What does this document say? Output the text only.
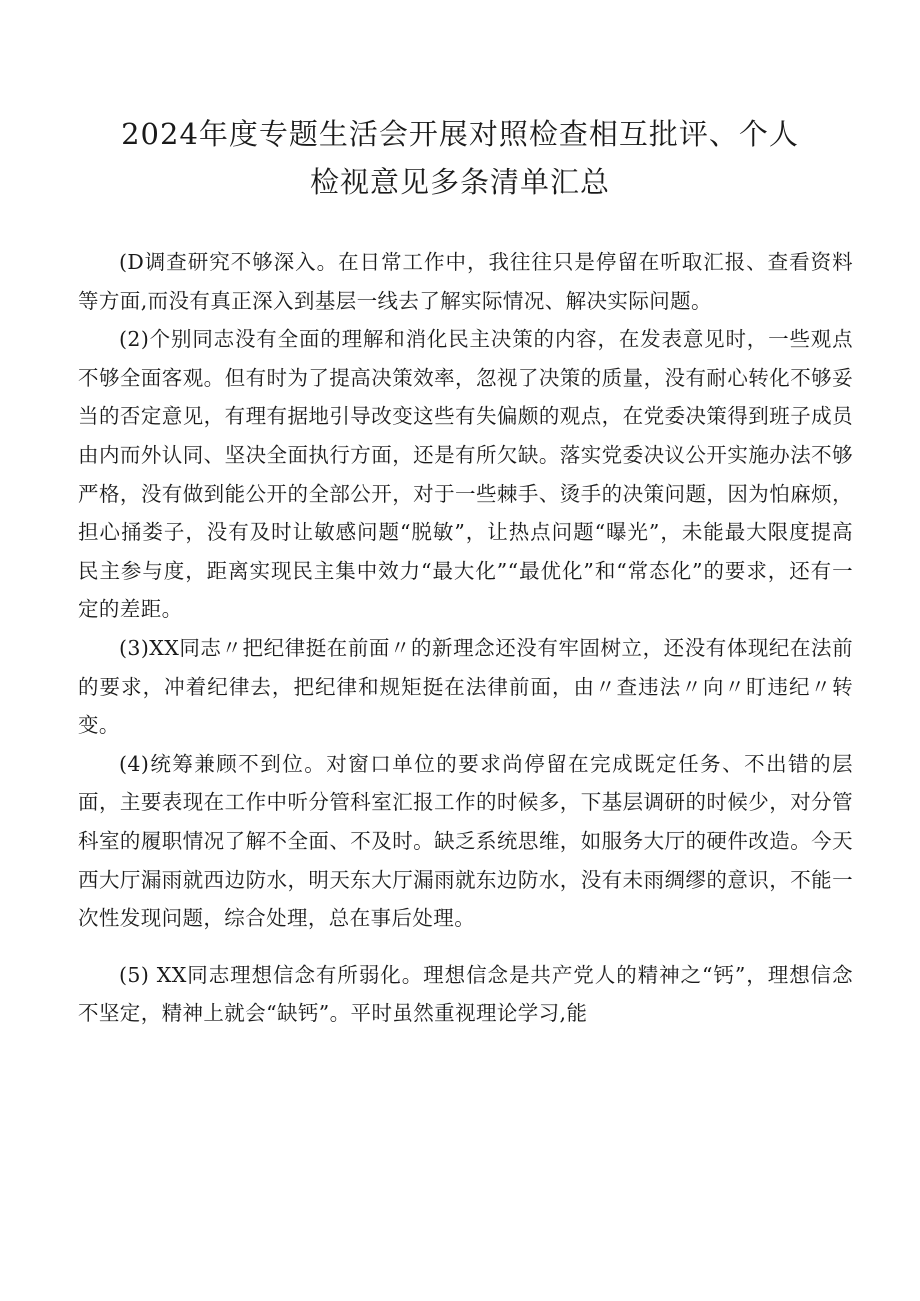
2024年度专题生活会开展对照检查相互批评、个人
检视意见多条清单汇总

(D调查研究不够深入。在日常工作中，我往往只是停留在听取汇报、查看资料等方面,而没有真正深入到基层一线去了解实际情况、解决实际问题。

(2)个别同志没有全面的理解和消化民主决策的内容，在发表意见时，一些观点不够全面客观。但有时为了提高决策效率，忽视了决策的质量，没有耐心转化不够妥当的否定意见，有理有据地引导改变这些有失偏颇的观点，在党委决策得到班子成员由内而外认同、坚决全面执行方面，还是有所欠缺。落实党委决议公开实施办法不够严格，没有做到能公开的全部公开，对于一些棘手、烫手的决策问题，因为怕麻烦，担心捅娄子，没有及时让敏感问题“脱敏”，让热点问题“曝光”，未能最大限度提高民主参与度，距离实现民主集中效力“最大化”“最优化”和“常态化”的要求，还有一定的差距。

(3)XX同志〃把纪律挺在前面〃的新理念还没有牢固树立，还没有体现纪在法前的要求，冲着纪律去，把纪律和规矩挺在法律前面，由〃查违法〃向〃盯违纪〃转变。

(4)统筹兼顾不到位。对窗口单位的要求尚停留在完成既定任务、不出错的层面，主要表现在工作中听分管科室汇报工作的时候多，下基层调研的时候少，对分管科室的履职情况了解不全面、不及时。缺乏系统思维，如服务大厅的硬件改造。今天西大厅漏雨就西边防水，明天东大厅漏雨就东边防水，没有未雨绸缪的意识，不能一次性发现问题，综合处理，总在事后处理。

(5) XX同志理想信念有所弱化。理想信念是共产党人的精神之“钙”，理想信念不坚定，精神上就会“缺钙”。平时虽然重视理论学习,能
